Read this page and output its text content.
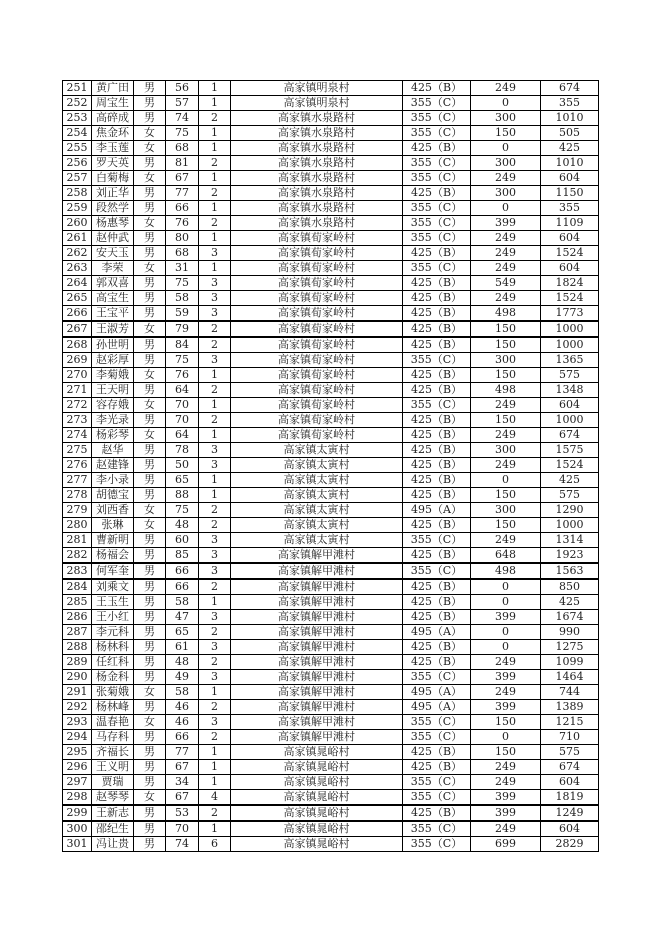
251	黄广田	男	56	1	高家镇明泉村	425（B）	249	674
252	周宝生	男	57	1	高家镇明泉村	355（C）	0	355
253	高碎成	男	74	2	高家镇水泉路村	355（C）	300	1010
254	焦金环	女	75	1	高家镇水泉路村	355（C）	150	505
255	李玉莲	女	68	1	高家镇水泉路村	425（B）	0	425
256	罗天英	男	81	2	高家镇水泉路村	355（C）	300	1010
257	白菊梅	女	67	1	高家镇水泉路村	355（C）	249	604
258	刘正华	男	77	2	高家镇水泉路村	425（B）	300	1150
259	段然学	男	66	1	高家镇水泉路村	355（C）	0	355
260	杨惠琴	女	76	2	高家镇水泉路村	355（C）	399	1109
261	赵仲武	男	80	1	高家镇荀家岭村	355（C）	249	604
262	安天玉	男	68	3	高家镇荀家岭村	425（B）	249	1524
263	李荣	女	31	1	高家镇荀家岭村	355（C）	249	604
264	郭双喜	男	75	3	高家镇荀家岭村	425（B）	549	1824
265	高宝生	男	58	3	高家镇荀家岭村	425（B）	249	1524
266	王宝平	男	59	3	高家镇荀家岭村	425（B）	498	1773
267	王淑芳	女	79	2	高家镇荀家岭村	425（B）	150	1000
268	孙世明	男	84	2	高家镇荀家岭村	425（B）	150	1000
269	赵彩厚	男	75	3	高家镇荀家岭村	355（C）	300	1365
270	李菊娥	女	76	1	高家镇荀家岭村	425（B）	150	575
271	王天明	男	64	2	高家镇荀家岭村	425（B）	498	1348
272	容存娥	女	70	1	高家镇荀家岭村	355（C）	249	604
273	李光录	男	70	2	高家镇荀家岭村	425（B）	150	1000
274	杨彩琴	女	64	1	高家镇荀家岭村	425（B）	249	674
275	赵华	男	78	3	高家镇太寅村	425（B）	300	1575
276	赵建锋	男	50	3	高家镇太寅村	425（B）	249	1524
277	李小录	男	65	1	高家镇太寅村	425（B）	0	425
278	胡德宝	男	88	1	高家镇太寅村	425（B）	150	575
279	刘西香	女	75	2	高家镇太寅村	495（A）	300	1290
280	张琳	女	48	2	高家镇太寅村	425（B）	150	1000
281	曹新明	男	60	3	高家镇太寅村	355（C）	249	1314
282	杨福会	男	85	3	高家镇解甲滩村	425（B）	648	1923
283	何军奎	男	66	3	高家镇解甲滩村	355（C）	498	1563
284	刘乘文	男	66	2	高家镇解甲滩村	425（B）	0	850
285	王玉生	男	58	1	高家镇解甲滩村	425（B）	0	425
286	王小红	男	47	3	高家镇解甲滩村	425（B）	399	1674
287	李元科	男	65	2	高家镇解甲滩村	495（A）	0	990
288	杨林科	男	61	3	高家镇解甲滩村	425（B）	0	1275
289	任红科	男	48	2	高家镇解甲滩村	425（B）	249	1099
290	杨金科	男	49	3	高家镇解甲滩村	355（C）	399	1464
291	张菊娥	女	58	1	高家镇解甲滩村	495（A）	249	744
292	杨林峰	男	46	2	高家镇解甲滩村	495（A）	399	1389
293	温春艳	女	46	3	高家镇解甲滩村	355（C）	150	1215
294	马存科	男	66	2	高家镇解甲滩村	355（C）	0	710
295	齐福长	男	77	1	高家镇晁峪村	425（B）	150	575
296	王义明	男	67	1	高家镇晁峪村	425（B）	249	674
297	贾瑞	男	34	1	高家镇晁峪村	355（C）	249	604
298	赵琴琴	女	67	4	高家镇晁峪村	355（C）	399	1819
299	王新志	男	53	2	高家镇晁峪村	425（B）	399	1249
300	邵纪生	男	70	1	高家镇晁峪村	355（C）	249	604
301	冯让贵	男	74	6	高家镇晁峪村	355（C）	699	2829
